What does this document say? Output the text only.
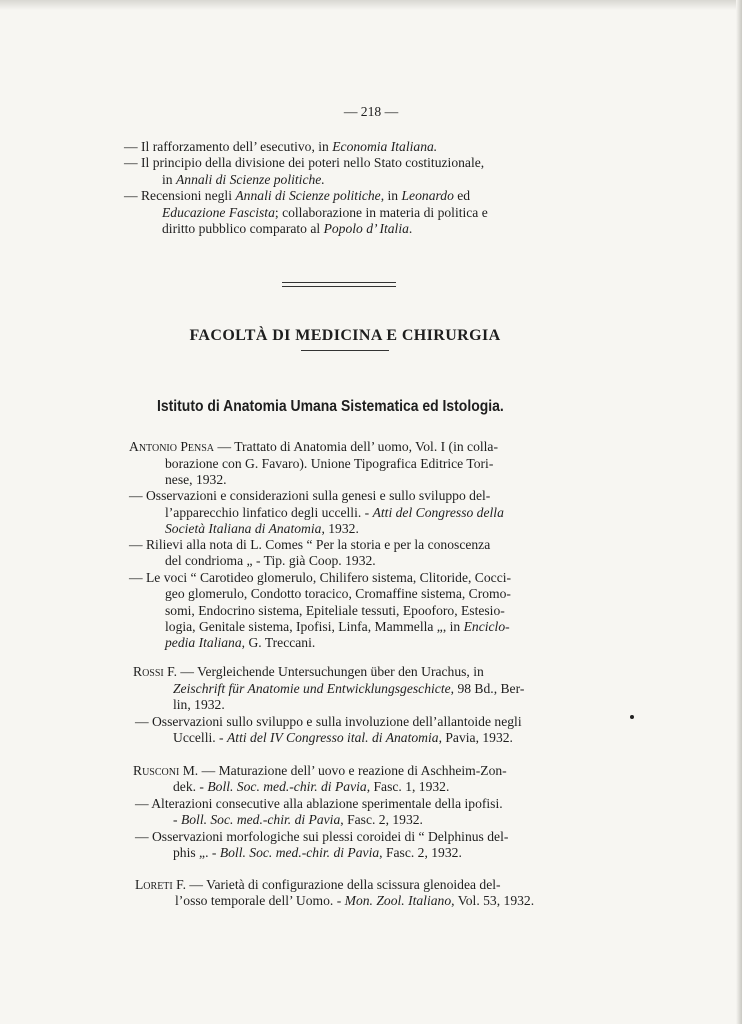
— 218 —
— Il rafforzamento dell’ esecutivo, in Economia Italiana.
— Il principio della divisione dei poteri nello Stato costituzionale,
in Annali di Scienze politiche.
— Recensioni negli Annali di Scienze politiche, in Leonardo ed
Educazione Fascista; collaborazione in materia di politica e
diritto pubblico comparato al Popolo d’ Italia.
FACOLTÀ DI MEDICINA E CHIRURGIA
Istituto di Anatomia Umana Sistematica ed Istologia.
Antonio Pensa — Trattato di Anatomia dell’ uomo, Vol. I (in colla-
borazione con G. Favaro). Unione Tipografica Editrice Tori-
nese, 1932.
— Osservazioni e considerazioni sulla genesi e sullo sviluppo del-
l’apparecchio linfatico degli uccelli. - Atti del Congresso della
Società Italiana di Anatomia, 1932.
— Rilievi alla nota di L. Comes “ Per la storia e per la conoscenza
del condrioma „ - Tip. già Coop. 1932.
— Le voci “ Carotideo glomerulo, Chilifero sistema, Clitoride, Cocci-
geo glomerulo, Condotto toracico, Cromaffine sistema, Cromo-
somi, Endocrino sistema, Epiteliale tessuti, Epooforo, Estesio-
logia, Genitale sistema, Ipofisi, Linfa, Mammella „, in Enciclo-
pedia Italiana, G. Treccani.
Rossi F. — Vergleichende Untersuchungen über den Urachus, in
Zeischrift für Anatomie und Entwicklungsgeschicte, 98 Bd., Ber-
lin, 1932.
— Osservazioni sullo sviluppo e sulla involuzione dell’allantoide negli
Uccelli. - Atti del IV Congresso ital. di Anatomia, Pavia, 1932.
Rusconi M. — Maturazione dell’ uovo e reazione di Aschheim-Zon-
dek. - Boll. Soc. med.-chir. di Pavia, Fasc. 1, 1932.
— Alterazioni consecutive alla ablazione sperimentale della ipofisi.
- Boll. Soc. med.-chir. di Pavia, Fasc. 2, 1932.
— Osservazioni morfologiche sui plessi coroidei di “ Delphinus del-
phis „. - Boll. Soc. med.-chir. di Pavia, Fasc. 2, 1932.
Loreti F. — Varietà di configurazione della scissura glenoidea del-
l’osso temporale dell’ Uomo. - Mon. Zool. Italiano, Vol. 53, 1932.
